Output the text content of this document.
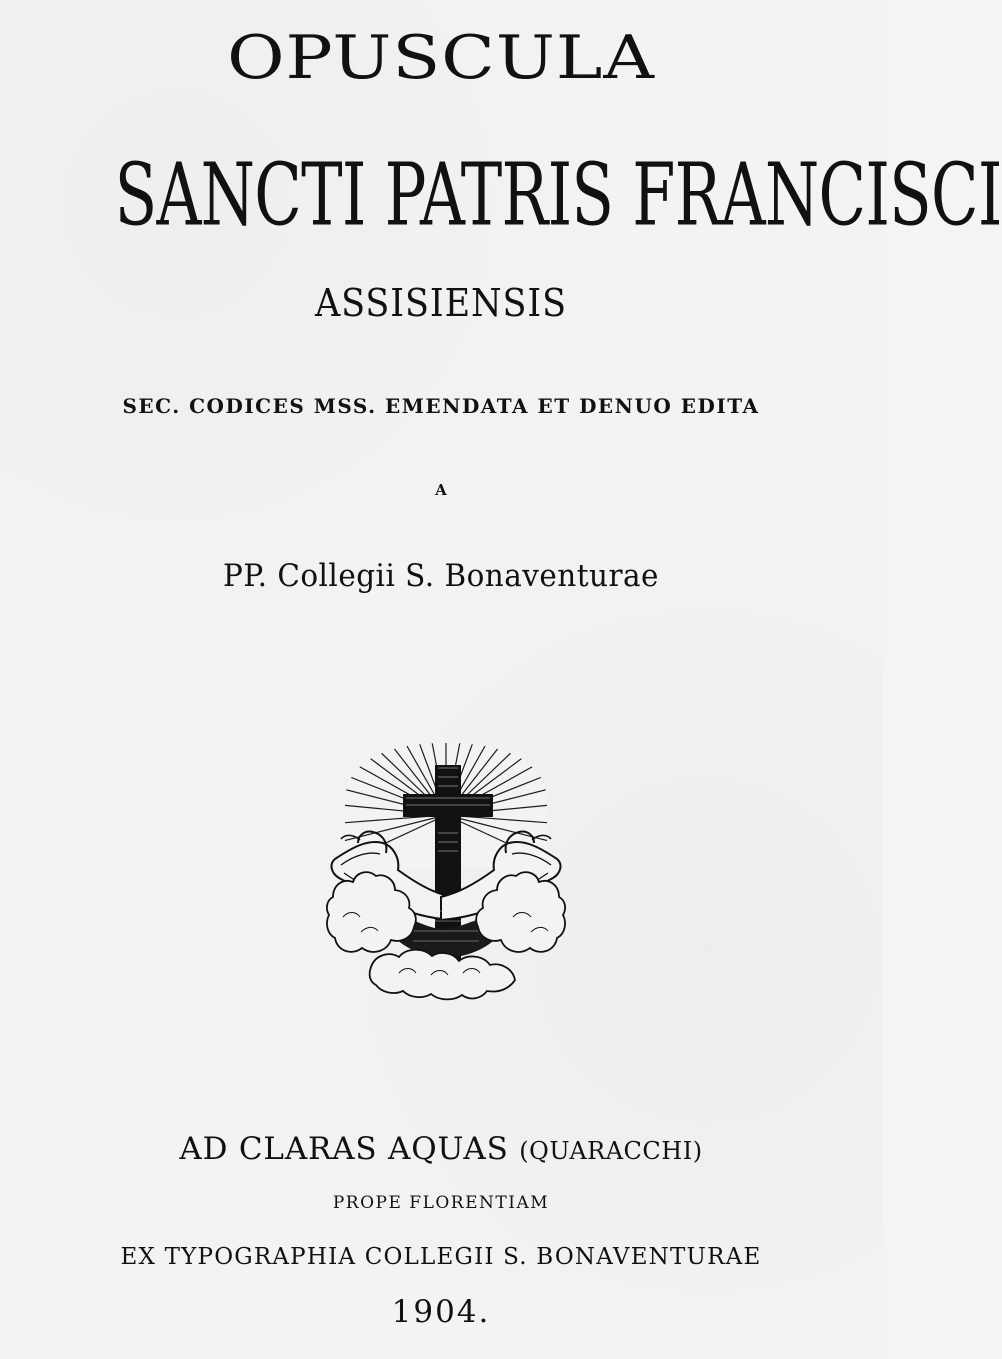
OPUSCULA
SANCTI PATRIS FRANCISCI
ASSISIENSIS
SEC. CODICES MSS. EMENDATA ET DENUO EDITA
A
PP. Collegii S. Bonaventurae
AD CLARAS AQUAS (QUARACCHI)
PROPE FLORENTIAM
EX TYPOGRAPHIA COLLEGII S. BONAVENTURAE
1904.
